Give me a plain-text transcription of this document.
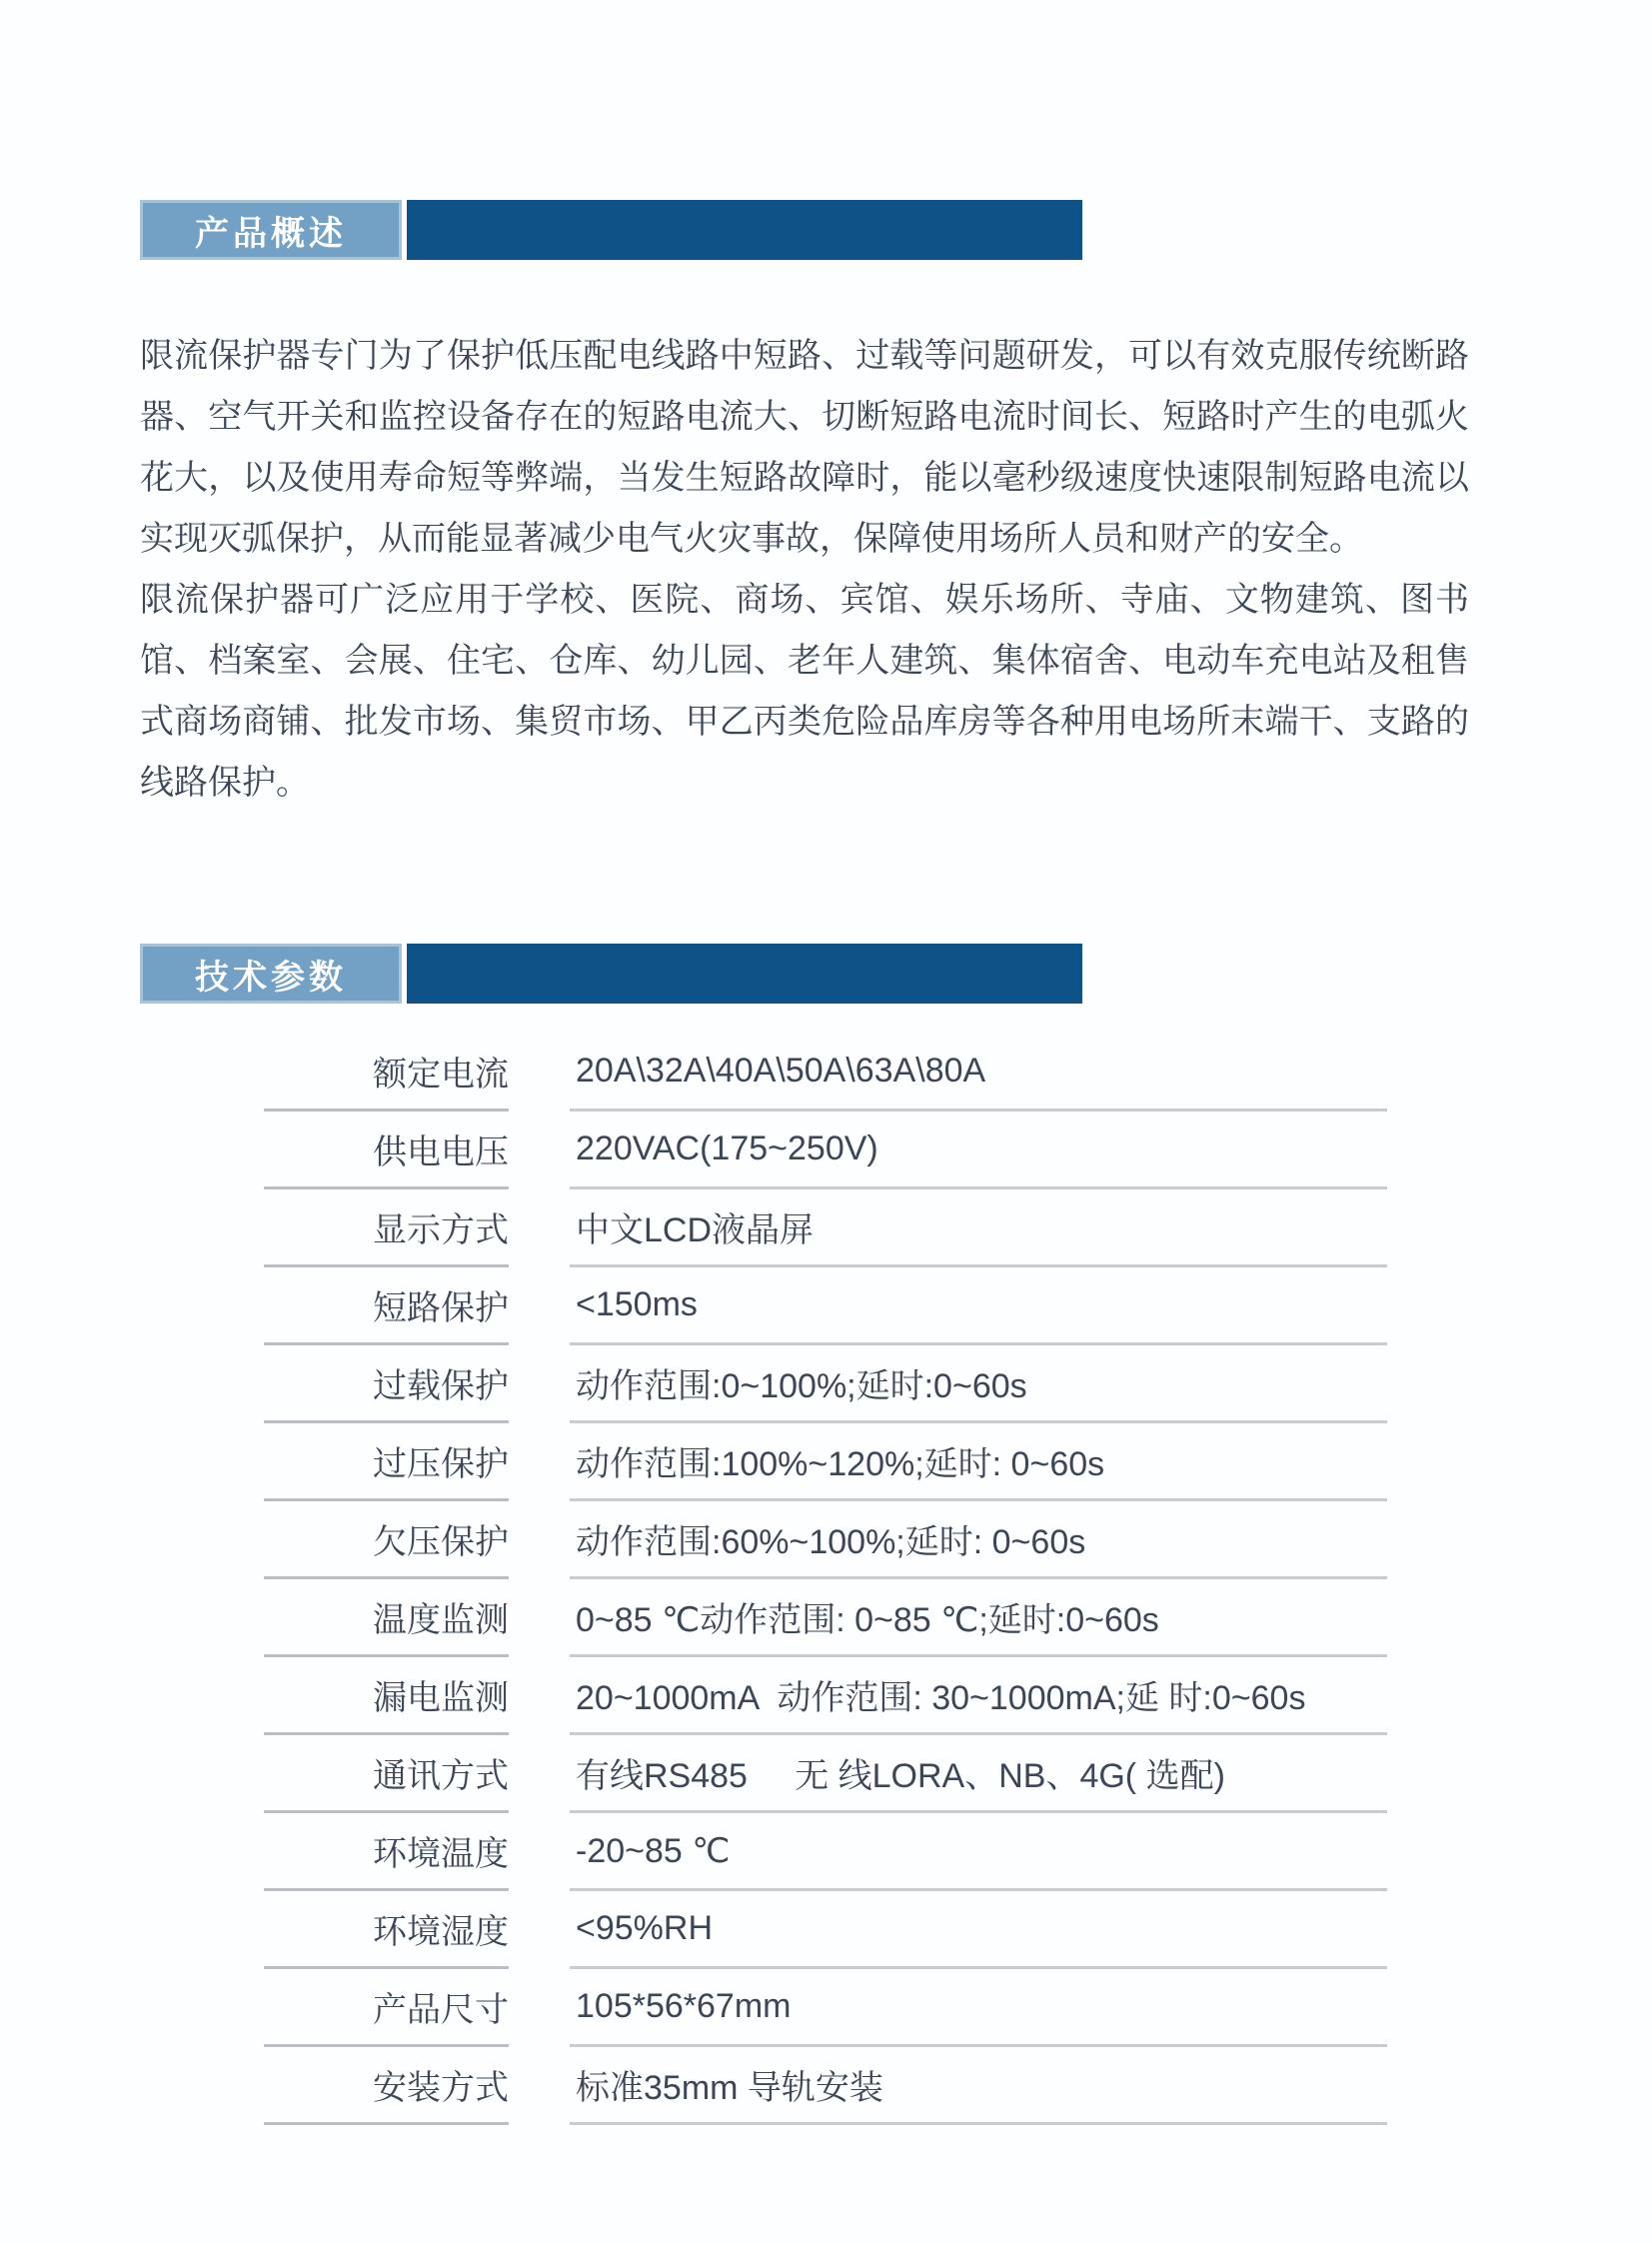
产品概述

限流保护器专门为了保护低压配电线路中短路、过载等问题研发，可以有效克服传统断路器、空气开关和监控设备存在的短路电流大、切断短路电流时间长、短路时产生的电弧火花大，以及使用寿命短等弊端，当发生短路故障时，能以毫秒级速度快速限制短路电流以实现灭弧保护，从而能显著减少电气火灾事故，保障使用场所人员和财产的安全。

限流保护器可广泛应用于学校、医院、商场、宾馆、娱乐场所、寺庙、文物建筑、图书馆、档案室、会展、住宅、仓库、幼儿园、老年人建筑、集体宿舍、电动车充电站及租售式商场商铺、批发市场、集贸市场、甲乙丙类危险品库房等各种用电场所末端干、支路的线路保护。

技术参数
额定电流 20A\32A\40A\50A\63A\80A
供电电压 220VAC(175~250V)
显示方式 中文LCD液晶屏
短路保护 <150ms
过载保护 动作范围:0~100%;延时:0~60s
过压保护 动作范围:100%~120%;延时: 0~60s
欠压保护 动作范围:60%~100%;延时: 0~60s
温度监测 0~85 ℃动作范围: 0~85 ℃;延时:0~60s
漏电监测 20~1000mA  动作范围: 30~1000mA;延 时:0~60s
通讯方式 有线RS485     无 线LORA、NB、4G( 选配)
环境温度 -20~85 ℃
环境湿度 <95%RH
产品尺寸 105*56*67mm
安装方式 标准35mm 导轨安装
